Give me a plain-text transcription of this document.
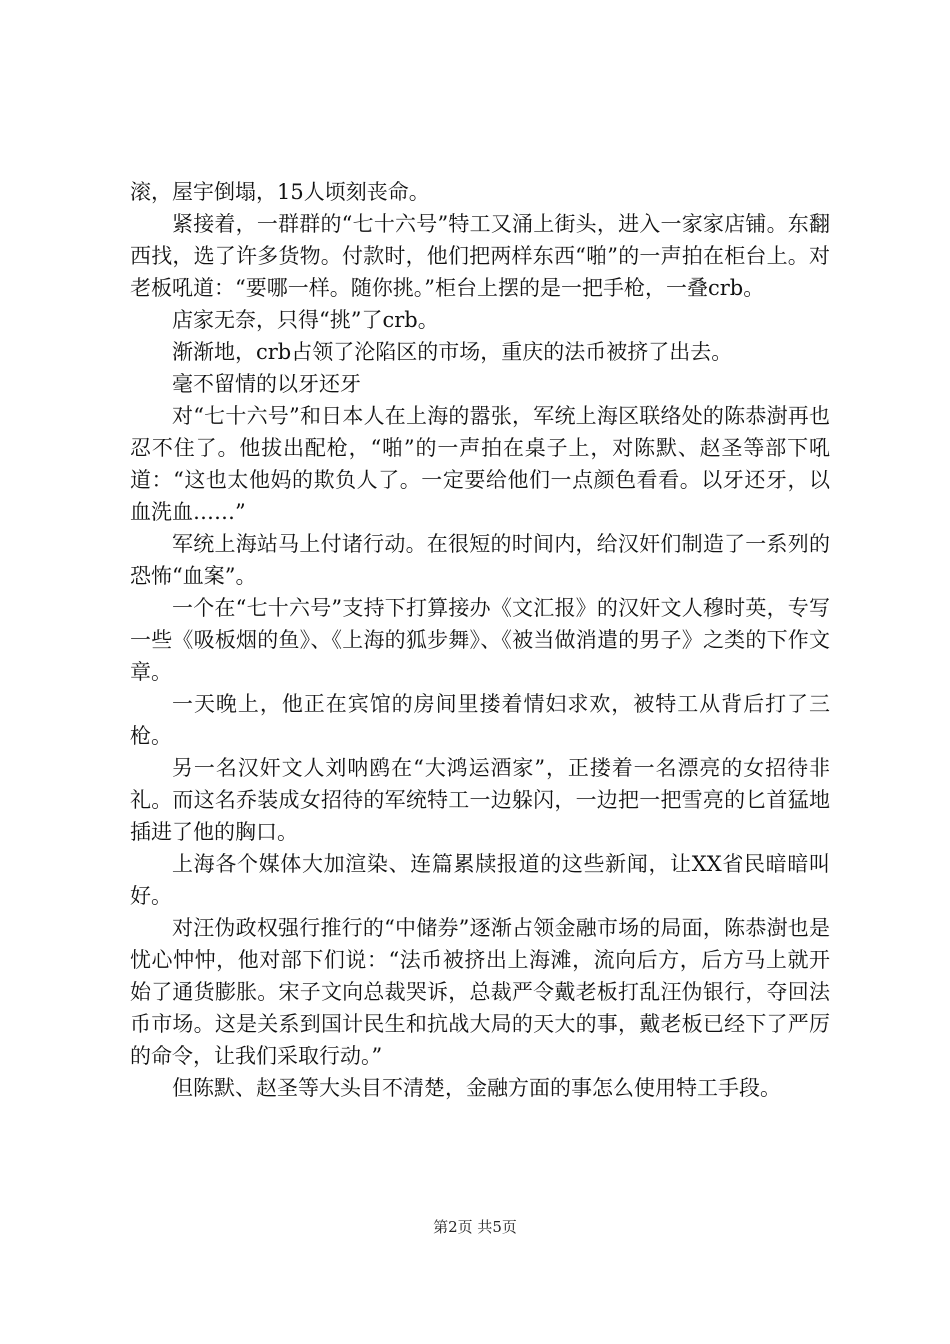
滚，屋宇倒塌，15人顷刻丧命。

紧接着，一群群的“七十六号”特工又涌上街头，进入一家家店铺。东翻西找，选了许多货物。付款时，他们把两样东西“啪”的一声拍在柜台上。对老板吼道：“要哪一样。随你挑。”柜台上摆的是一把手枪，一叠crb。

店家无奈，只得“挑”了crb。

渐渐地，crb占领了沦陷区的市场，重庆的法币被挤了出去。

毫不留情的以牙还牙

对“七十六号”和日本人在上海的嚣张，军统上海区联络处的陈恭澍再也忍不住了。他拔出配枪，“啪”的一声拍在桌子上，对陈默、赵圣等部下吼道：“这也太他妈的欺负人了。一定要给他们一点颜色看看。以牙还牙，以血洗血……”

军统上海站马上付诸行动。在很短的时间内，给汉奸们制造了一系列的恐怖“血案”。

一个在“七十六号”支持下打算接办《文汇报》的汉奸文人穆时英，专写一些《吸板烟的鱼》、《上海的狐步舞》、《被当做消遣的男子》之类的下作文章。

一天晚上，他正在宾馆的房间里搂着情妇求欢，被特工从背后打了三枪。

另一名汉奸文人刘呐鸥在“大鸿运酒家”，正搂着一名漂亮的女招待非礼。而这名乔装成女招待的军统特工一边躲闪，一边把一把雪亮的匕首猛地插进了他的胸口。

上海各个媒体大加渲染、连篇累牍报道的这些新闻，让XX省民暗暗叫好。

对汪伪政权强行推行的“中储券”逐渐占领金融市场的局面，陈恭澍也是忧心忡忡，他对部下们说：“法币被挤出上海滩，流向后方，后方马上就开始了通货膨胀。宋子文向总裁哭诉，总裁严令戴老板打乱汪伪银行，夺回法币市场。这是关系到国计民生和抗战大局的天大的事，戴老板已经下了严厉的命令，让我们采取行动。”

但陈默、赵圣等大头目不清楚，金融方面的事怎么使用特工手段。

第2页 共5页
